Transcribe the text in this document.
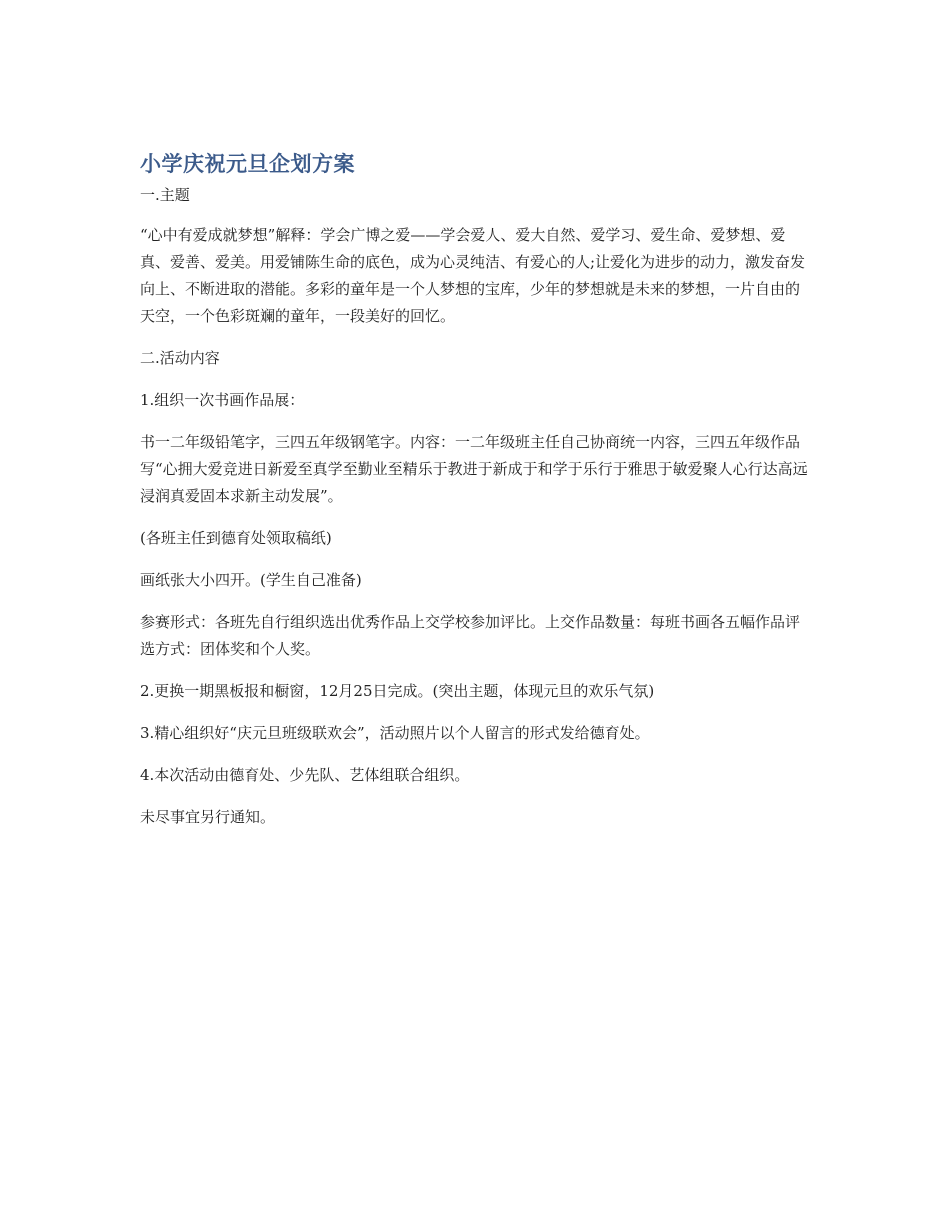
小学庆祝元旦企划方案

一.主题

“心中有爱成就梦想”解释：学会广博之爱——学会爱人、爱大自然、爱学习、爱生命、爱梦想、爱真、爱善、爱美。用爱铺陈生命的底色，成为心灵纯洁、有爱心的人;让爱化为进步的动力，激发奋发向上、不断进取的潜能。多彩的童年是一个人梦想的宝库，少年的梦想就是未来的梦想，一片自由的天空，一个色彩斑斓的童年，一段美好的回忆。

二.活动内容

1.组织一次书画作品展：

书一二年级铅笔字，三四五年级钢笔字。内容：一二年级班主任自己协商统一内容，三四五年级作品写“心拥大爱竞进日新爱至真学至勤业至精乐于教进于新成于和学于乐行于雅思于敏爱聚人心行达高远浸润真爱固本求新主动发展”。

(各班主任到德育处领取稿纸)

画纸张大小四开。(学生自己准备)

参赛形式：各班先自行组织选出优秀作品上交学校参加评比。上交作品数量：每班书画各五幅作品评选方式：团体奖和个人奖。

2.更换一期黑板报和橱窗，12月25日完成。(突出主题，体现元旦的欢乐气氛)

3.精心组织好“庆元旦班级联欢会”，活动照片以个人留言的形式发给德育处。

4.本次活动由德育处、少先队、艺体组联合组织。

未尽事宜另行通知。
